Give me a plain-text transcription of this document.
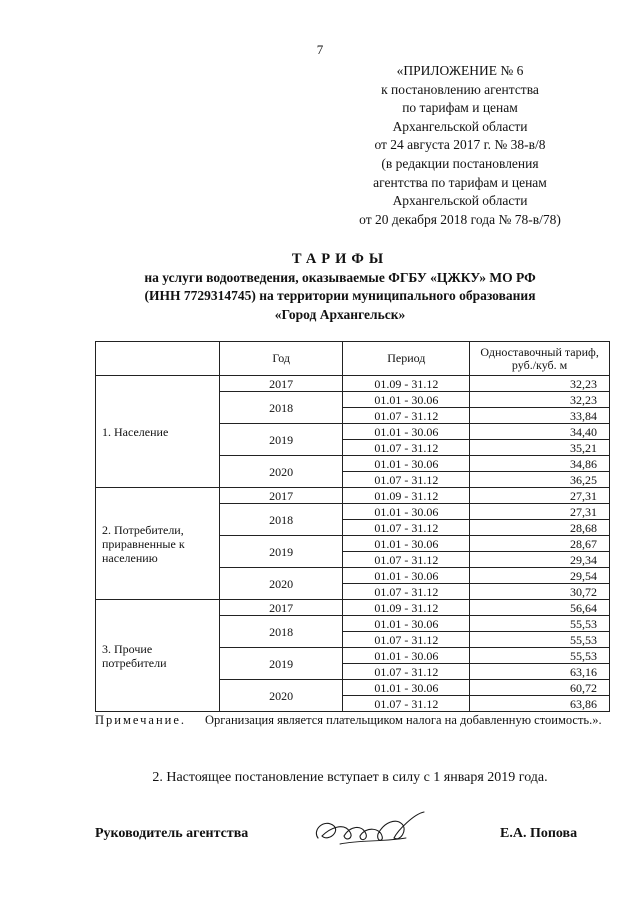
7
«ПРИЛОЖЕНИЕ № 6
к постановлению агентства
по тарифам и ценам
Архангельской области
от 24 августа 2017 г. № 38-в/8
(в редакции постановления
агентства по тарифам и ценам
Архангельской области
от 20 декабря 2018 года № 78-в/78)
ТАРИФЫ
на услуги водоотведения, оказываемые ФГБУ «ЦЖКУ» МО РФ
(ИНН 7729314745) на территории муниципального образования
«Город Архангельск»
	Год	Период	Одноставочный тариф, руб./куб. м
1. Население	2017	01.09 - 31.12	32,23
	2018	01.01 - 30.06	32,23
		01.07 - 31.12	33,84
	2019	01.01 - 30.06	34,40
		01.07 - 31.12	35,21
	2020	01.01 - 30.06	34,86
		01.07 - 31.12	36,25
2. Потребители, приравненные к населению	2017	01.09 - 31.12	27,31
	2018	01.01 - 30.06	27,31
		01.07 - 31.12	28,68
	2019	01.01 - 30.06	28,67
		01.07 - 31.12	29,34
	2020	01.01 - 30.06	29,54
		01.07 - 31.12	30,72
3. Прочие потребители	2017	01.09 - 31.12	56,64
	2018	01.01 - 30.06	55,53
		01.07 - 31.12	55,53
	2019	01.01 - 30.06	55,53
		01.07 - 31.12	63,16
	2020	01.01 - 30.06	60,72
		01.07 - 31.12	63,86
Примечание. Организация является плательщиком налога на добавленную стоимость.».
2. Настоящее постановление вступает в силу с 1 января 2019 года.
Руководитель агентства	Е.А. Попова
